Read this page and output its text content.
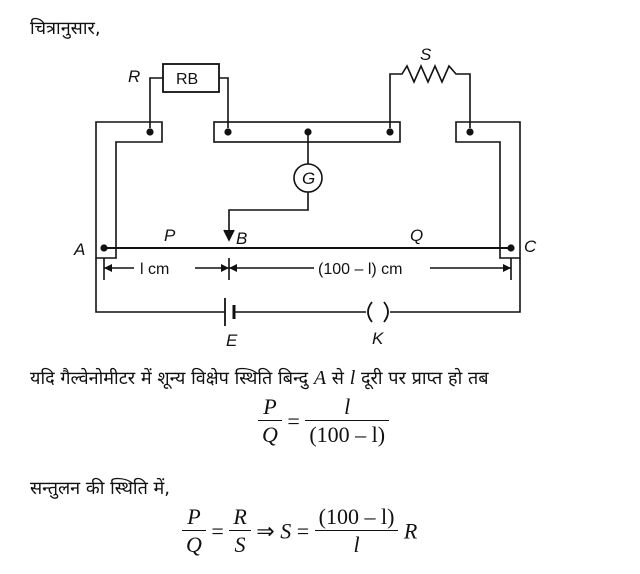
चित्रानुसार,
R RB
S
G
A
P	B	Q
C
l cm	(100 – l) cm
E	K
यदि गैल्वेनोमीटर में शून्य विक्षेप स्थिति बिन्दु A से l दूरी पर प्राप्त हो तब
$\frac{P}{Q} = \frac{l}{(100 - l)}$
सन्तुलन की स्थिति में,
$\frac{P}{Q} = \frac{R}{S}$ ⇒ $S = \frac{(100 - l)}{l}$ R
